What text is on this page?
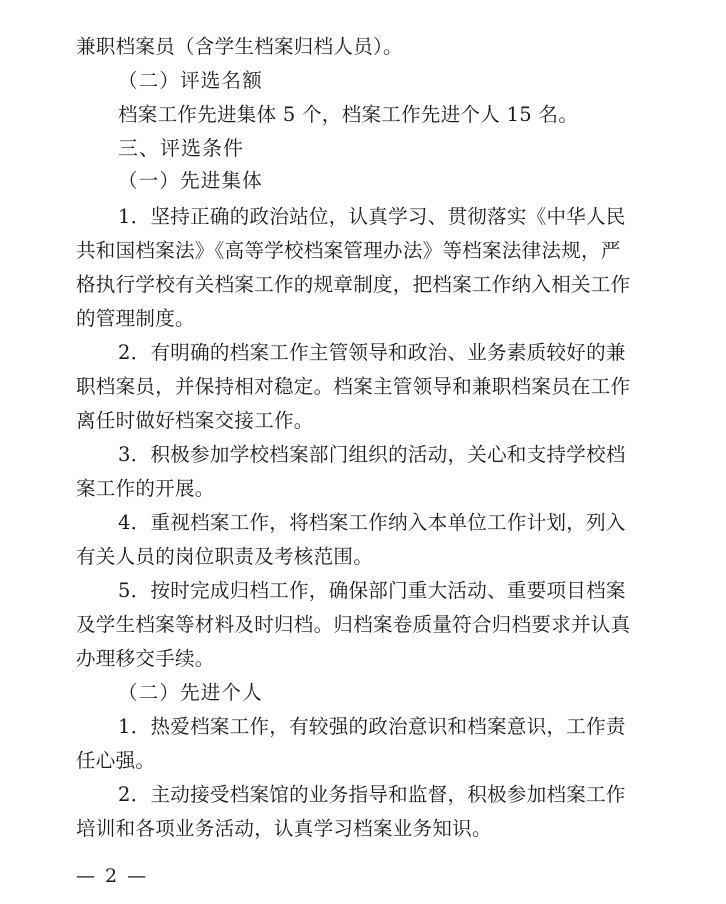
兼职档案员（含学生档案归档人员）。
（二）评选名额
档案工作先进集体 5 个，档案工作先进个人 15 名。
三、评选条件
（一）先进集体
1．坚持正确的政治站位，认真学习、贯彻落实《中华人民
共和国档案法》《高等学校档案管理办法》等档案法律法规，严
格执行学校有关档案工作的规章制度，把档案工作纳入相关工作
的管理制度。
2．有明确的档案工作主管领导和政治、业务素质较好的兼
职档案员，并保持相对稳定。档案主管领导和兼职档案员在工作
离任时做好档案交接工作。
3．积极参加学校档案部门组织的活动，关心和支持学校档
案工作的开展。
4．重视档案工作，将档案工作纳入本单位工作计划，列入
有关人员的岗位职责及考核范围。
5．按时完成归档工作，确保部门重大活动、重要项目档案
及学生档案等材料及时归档。归档案卷质量符合归档要求并认真
办理移交手续。
（二）先进个人
1．热爱档案工作，有较强的政治意识和档案意识，工作责
任心强。
2．主动接受档案馆的业务指导和监督，积极参加档案工作
培训和各项业务活动，认真学习档案业务知识。
— 2 —
